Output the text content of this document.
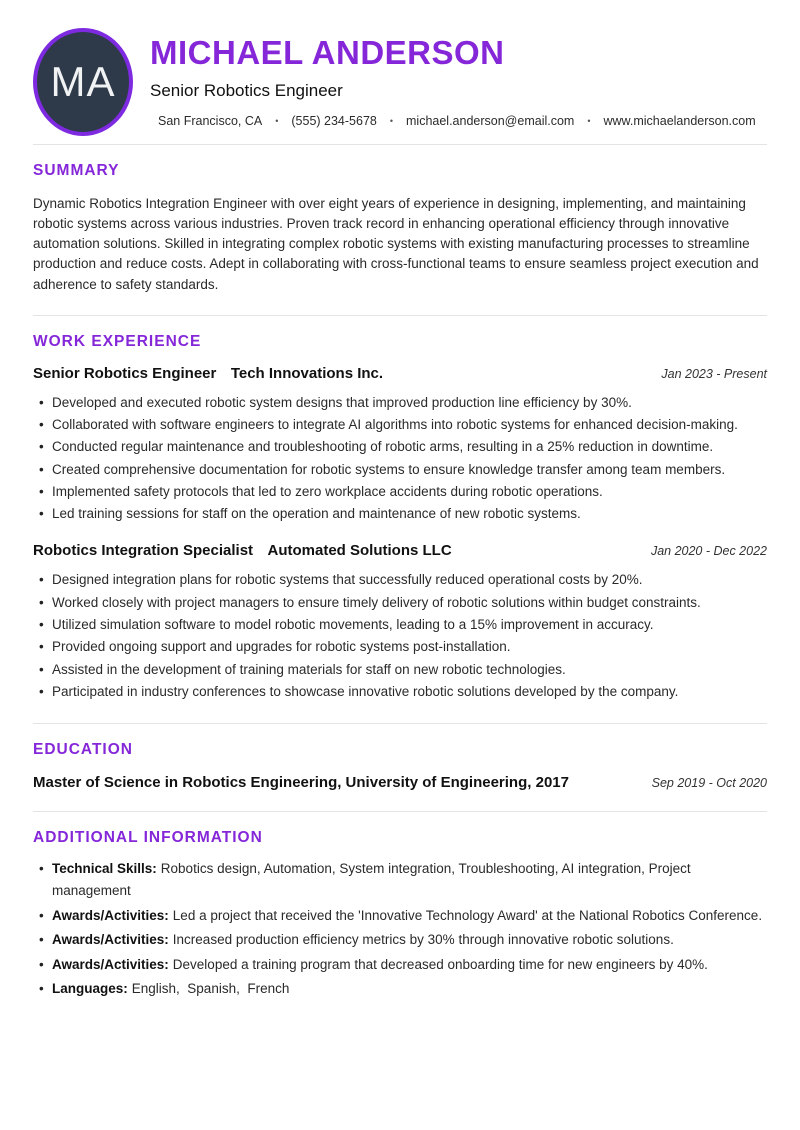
MA
MICHAEL ANDERSON
Senior Robotics Engineer
San Francisco, CA • (555) 234-5678 • michael.anderson@email.com • www.michaelanderson.com
SUMMARY

Dynamic Robotics Integration Engineer with over eight years of experience in designing, implementing, and maintaining robotic systems across various industries. Proven track record in enhancing operational efficiency through innovative automation solutions. Skilled in integrating complex robotic systems with existing manufacturing processes to streamline production and reduce costs. Adept in collaborating with cross-functional teams to ensure seamless project execution and adherence to safety standards.

WORK EXPERIENCE
Senior Robotics Engineer Tech Innovations Inc.	Jan 2023 - Present
• Developed and executed robotic system designs that improved production line efficiency by 30%.
• Collaborated with software engineers to integrate AI algorithms into robotic systems for enhanced decision-making.
• Conducted regular maintenance and troubleshooting of robotic arms, resulting in a 25% reduction in downtime.
• Created comprehensive documentation for robotic systems to ensure knowledge transfer among team members.
• Implemented safety protocols that led to zero workplace accidents during robotic operations.
• Led training sessions for staff on the operation and maintenance of new robotic systems.
Robotics Integration Specialist Automated Solutions LLC	Jan 2020 - Dec 2022
• Designed integration plans for robotic systems that successfully reduced operational costs by 20%.
• Worked closely with project managers to ensure timely delivery of robotic solutions within budget constraints.
• Utilized simulation software to model robotic movements, leading to a 15% improvement in accuracy.
• Provided ongoing support and upgrades for robotic systems post-installation.
• Assisted in the development of training materials for staff on new robotic technologies.
• Participated in industry conferences to showcase innovative robotic solutions developed by the company.
EDUCATION
Master of Science in Robotics Engineering, University of Engineering, 2017	Sep 2019 - Oct 2020
ADDITIONAL INFORMATION
• Technical Skills: Robotics design, Automation, System integration, Troubleshooting, AI integration, Project management
• Awards/Activities: Led a project that received the 'Innovative Technology Award' at the National Robotics Conference.
• Awards/Activities: Increased production efficiency metrics by 30% through innovative robotic solutions.
• Awards/Activities: Developed a training program that decreased onboarding time for new engineers by 40%.
• Languages: English,  Spanish,  French
